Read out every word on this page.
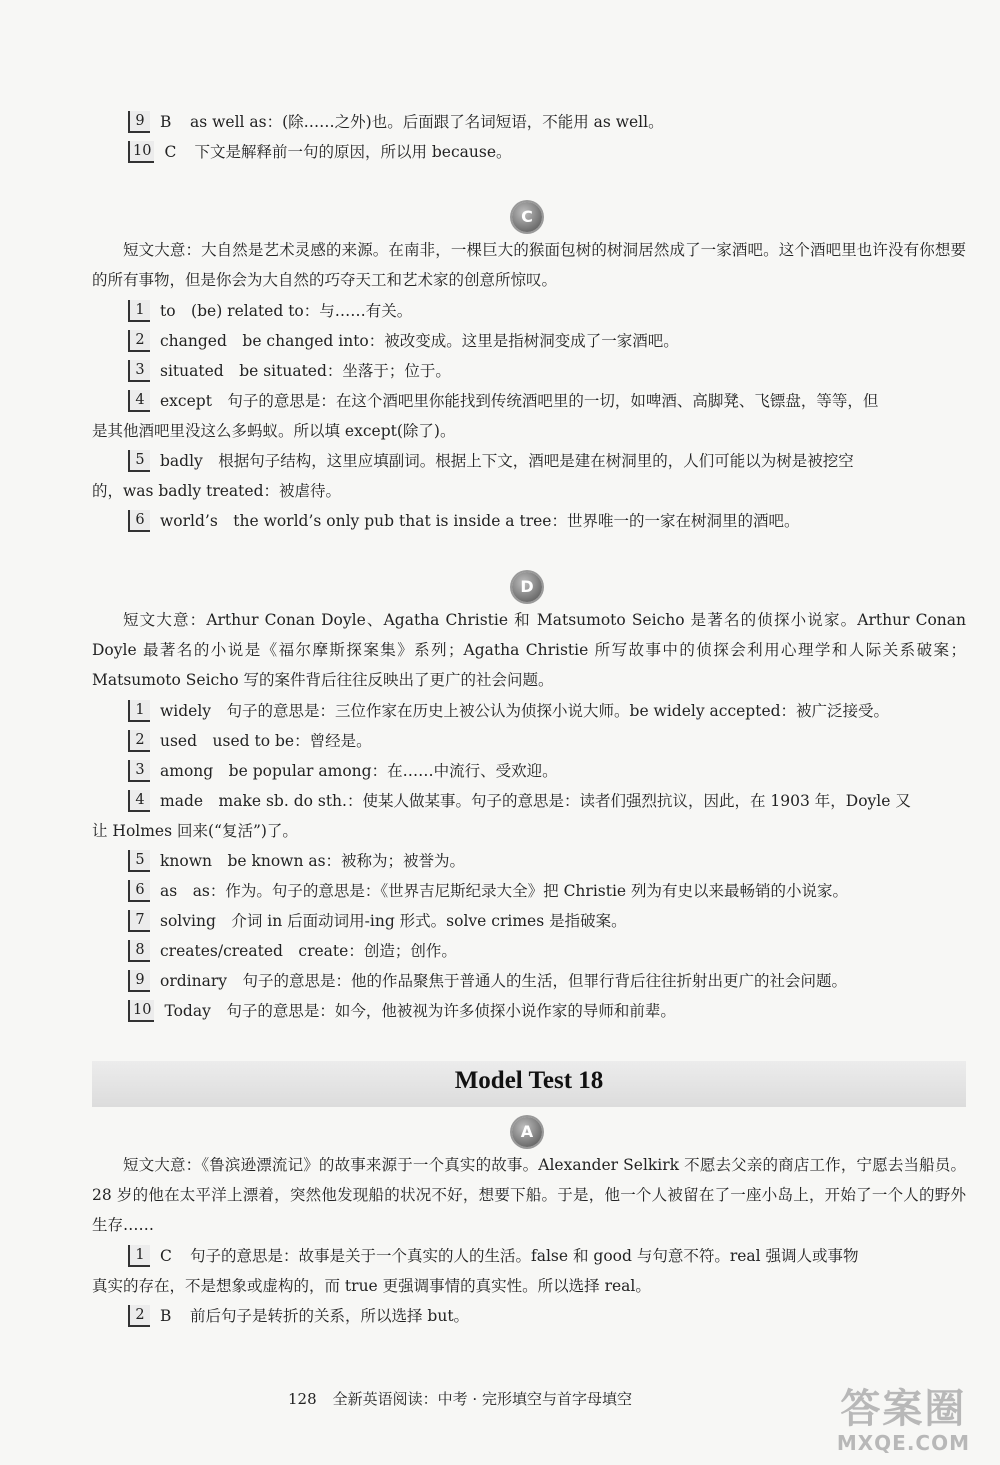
9 B as well as：(除……之外)也。后面跟了名词短语，不能用 as well。
10 C 下文是解释前一句的原因，所以用 because。
C

短文大意：大自然是艺术灵感的来源。在南非，一棵巨大的猴面包树的树洞居然成了一家酒吧。这个酒吧里也许没有你想要的所有事物，但是你会为大自然的巧夺天工和艺术家的创意所惊叹。

1 to　(be) related to：与……有关。
2 changed　be changed into：被改变成。这里是指树洞变成了一家酒吧。
3 situated　be situated：坐落于；位于。
4 except　句子的意思是：在这个酒吧里你能找到传统酒吧里的一切，如啤酒、高脚凳、飞镖盘，等等，但
是其他酒吧里没这么多蚂蚁。所以填 except(除了)。
5 badly　根据句子结构，这里应填副词。根据上下文，酒吧是建在树洞里的，人们可能以为树是被挖空
的，was badly treated：被虐待。
6 world’s　the world’s only pub that is inside a tree：世界唯一的一家在树洞里的酒吧。
D

短文大意：Arthur Conan Doyle、Agatha Christie 和 Matsumoto Seicho 是著名的侦探小说家。Arthur Conan Doyle 最著名的小说是《福尔摩斯探案集》系列；Agatha Christie 所写故事中的侦探会利用心理学和人际关系破案；Matsumoto Seicho 写的案件背后往往反映出了更广的社会问题。

1 widely　句子的意思是：三位作家在历史上被公认为侦探小说大师。be widely accepted：被广泛接受。
2 used　used to be：曾经是。
3 among　be popular among：在……中流行、受欢迎。
4 made　make sb. do sth.：使某人做某事。句子的意思是：读者们强烈抗议，因此，在 1903 年，Doyle 又
让 Holmes 回来(“复活”)了。
5 known　be known as：被称为；被誉为。
6 as　as：作为。句子的意思是：《世界吉尼斯纪录大全》把 Christie 列为有史以来最畅销的小说家。
7 solving　介词 in 后面动词用-ing 形式。solve crimes 是指破案。
8 creates/created　create：创造；创作。
9 ordinary　句子的意思是：他的作品聚焦于普通人的生活，但罪行背后往往折射出更广的社会问题。
10 Today　句子的意思是：如今，他被视为许多侦探小说作家的导师和前辈。
Model Test 18
A

短文大意：《鲁滨逊漂流记》的故事来源于一个真实的故事。Alexander Selkirk 不愿去父亲的商店工作，宁愿去当船员。28 岁的他在太平洋上漂着，突然他发现船的状况不好，想要下船。于是，他一个人被留在了一座小岛上，开始了一个人的野外生存……

1 C 句子的意思是：故事是关于一个真实的人的生活。false 和 good 与句意不符。real 强调人或事物
真实的存在，不是想象或虚构的，而 true 更强调事情的真实性。所以选择 real。
2 B 前后句子是转折的关系，所以选择 but。
128 全新英语阅读：中考 · 完形填空与首字母填空	答案圈
MXQE.COM
